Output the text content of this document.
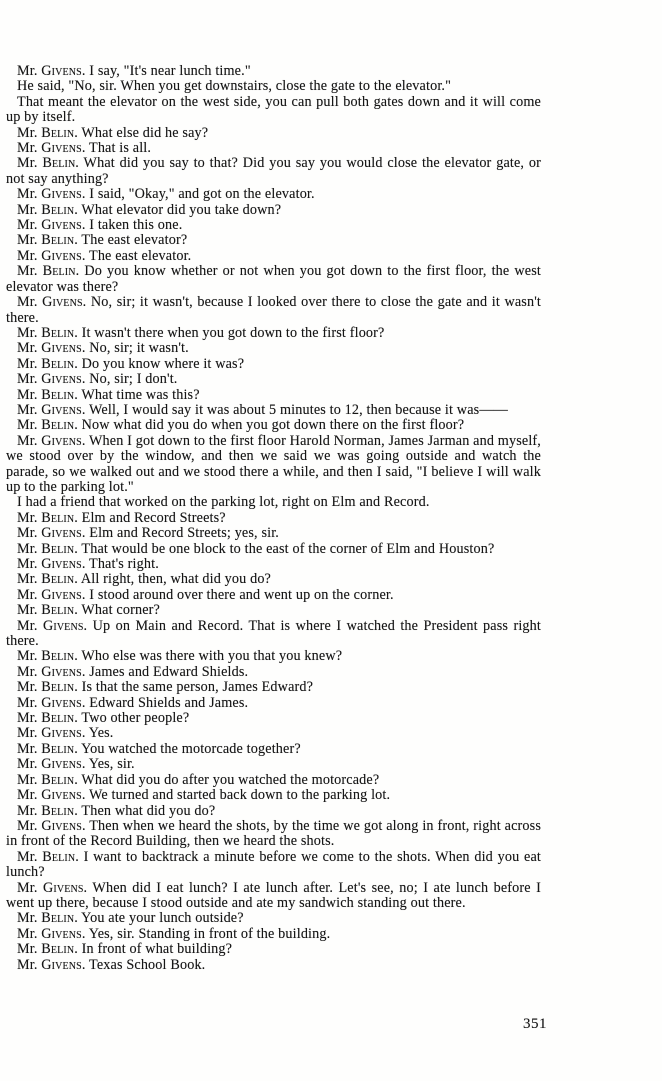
Mr. Givens. I say, "It's near lunch time."

He said, "No, sir. When you get downstairs, close the gate to the elevator."

That meant the elevator on the west side, you can pull both gates down and it will come up by itself.

Mr. Belin. What else did he say?

Mr. Givens. That is all.

Mr. Belin. What did you say to that? Did you say you would close the elevator gate, or not say anything?

Mr. Givens. I said, "Okay," and got on the elevator.

Mr. Belin. What elevator did you take down?

Mr. Givens. I taken this one.

Mr. Belin. The east elevator?

Mr. Givens. The east elevator.

Mr. Belin. Do you know whether or not when you got down to the first floor, the west elevator was there?

Mr. Givens. No, sir; it wasn't, because I looked over there to close the gate and it wasn't there.

Mr. Belin. It wasn't there when you got down to the first floor?

Mr. Givens. No, sir; it wasn't.

Mr. Belin. Do you know where it was?

Mr. Givens. No, sir; I don't.

Mr. Belin. What time was this?

Mr. Givens. Well, I would say it was about 5 minutes to 12, then because it was——

Mr. Belin. Now what did you do when you got down there on the first floor?

Mr. Givens. When I got down to the first floor Harold Norman, James Jarman and myself, we stood over by the window, and then we said we was going outside and watch the parade, so we walked out and we stood there a while, and then I said, "I believe I will walk up to the parking lot."

I had a friend that worked on the parking lot, right on Elm and Record.

Mr. Belin. Elm and Record Streets?

Mr. Givens. Elm and Record Streets; yes, sir.

Mr. Belin. That would be one block to the east of the corner of Elm and Houston?

Mr. Givens. That's right.

Mr. Belin. All right, then, what did you do?

Mr. Givens. I stood around over there and went up on the corner.

Mr. Belin. What corner?

Mr. Givens. Up on Main and Record. That is where I watched the President pass right there.

Mr. Belin. Who else was there with you that you knew?

Mr. Givens. James and Edward Shields.

Mr. Belin. Is that the same person, James Edward?

Mr. Givens. Edward Shields and James.

Mr. Belin. Two other people?

Mr. Givens. Yes.

Mr. Belin. You watched the motorcade together?

Mr. Givens. Yes, sir.

Mr. Belin. What did you do after you watched the motorcade?

Mr. Givens. We turned and started back down to the parking lot.

Mr. Belin. Then what did you do?

Mr. Givens. Then when we heard the shots, by the time we got along in front, right across in front of the Record Building, then we heard the shots.

Mr. Belin. I want to backtrack a minute before we come to the shots. When did you eat lunch?

Mr. Givens. When did I eat lunch? I ate lunch after. Let's see, no; I ate lunch before I went up there, because I stood outside and ate my sandwich standing out there.

Mr. Belin. You ate your lunch outside?

Mr. Givens. Yes, sir. Standing in front of the building.

Mr. Belin. In front of what building?

Mr. Givens. Texas School Book.

351
